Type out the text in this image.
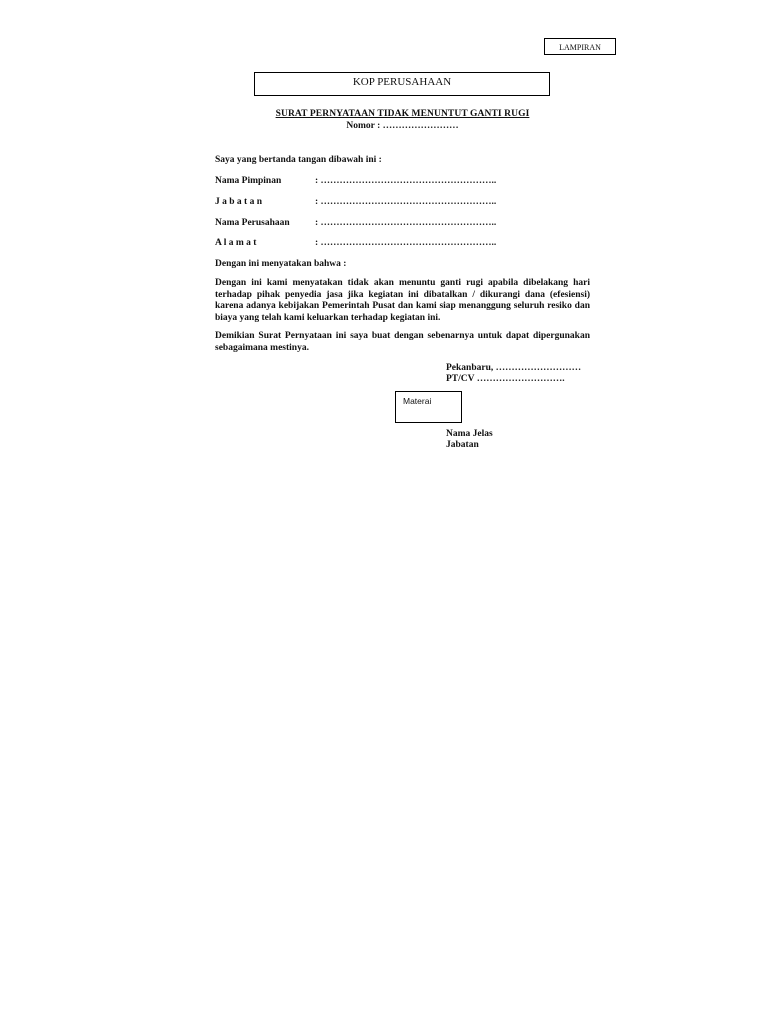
LAMPIRAN
KOP PERUSAHAAN
SURAT PERNYATAAN TIDAK MENUNTUT GANTI RUGI
Nomor : ……………………
Saya yang bertanda tangan dibawah ini :
Nama Pimpinan	: ………………………………………………..
J a b a t a n	: ………………………………………………..
Nama Perusahaan	: ………………………………………………..
A l a m a t	: ………………………………………………..
Dengan ini menyatakan bahwa :
Dengan ini kami menyatakan tidak akan menuntu ganti rugi apabila dibelakang hari terhadap pihak penyedia jasa jika kegiatan ini dibatalkan / dikurangi dana (efesiensi) karena adanya kebijakan Pemerintah Pusat dan kami siap menanggung seluruh resiko dan biaya yang telah kami keluarkan terhadap kegiatan ini.
Demikian Surat Pernyataan ini saya buat dengan sebenarnya untuk dapat dipergunakan sebagaimana mestinya.
Pekanbaru, ………………………
PT/CV ……………………….
Materai
Nama Jelas
Jabatan
